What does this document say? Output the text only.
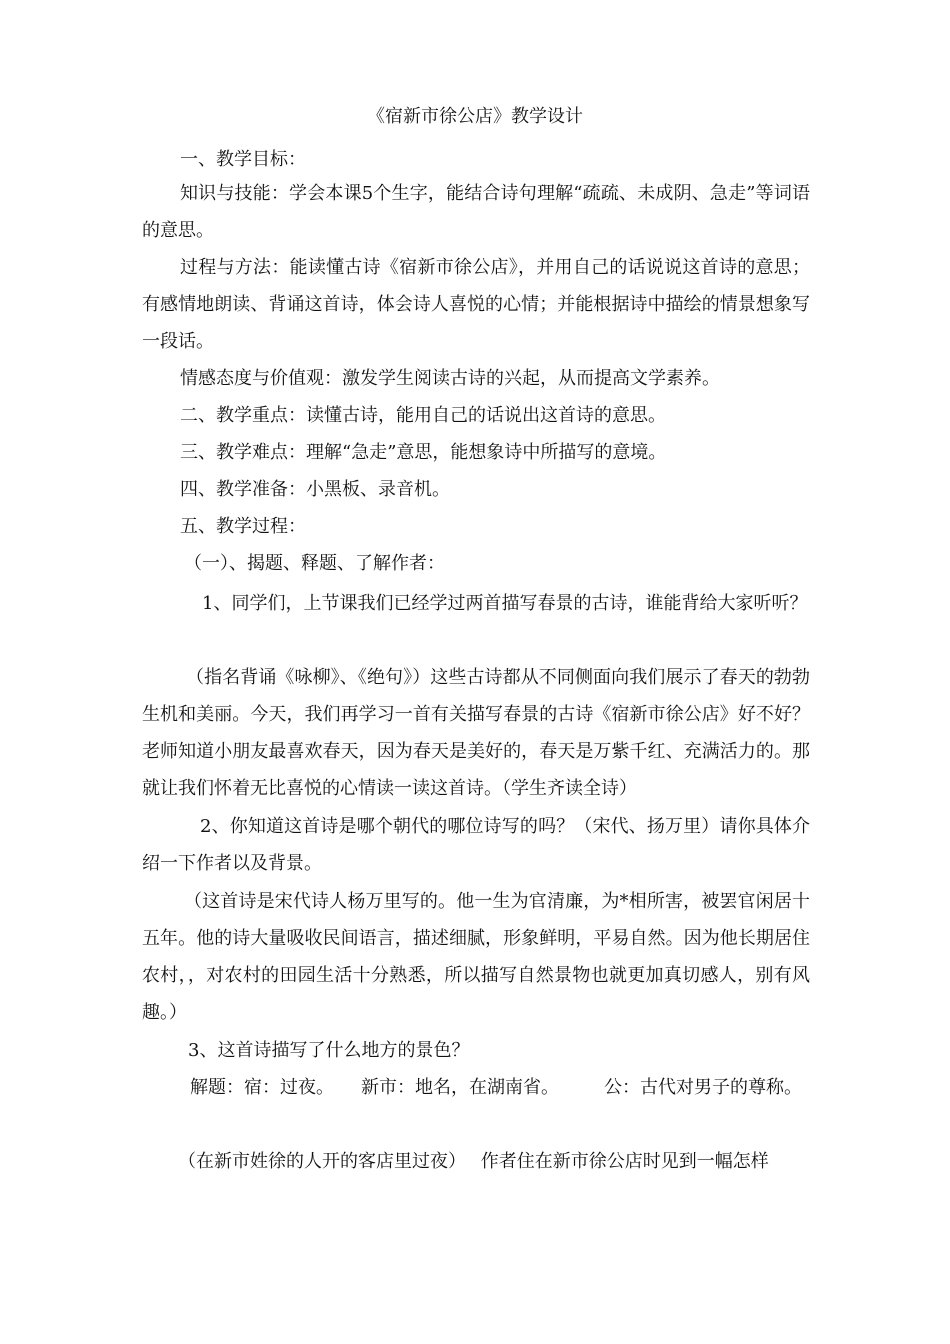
《宿新市徐公店》教学设计

一、教学目标：

知识与技能：学会本课5个生字，能结合诗句理解“疏疏、未成阴、急走”等词语的意思。

过程与方法：能读懂古诗《宿新市徐公店》，并用自己的话说说这首诗的意思；有感情地朗读、背诵这首诗，体会诗人喜悦的心情；并能根据诗中描绘的情景想象写一段话。

情感态度与价值观：激发学生阅读古诗的兴起，从而提高文学素养。

二、教学重点：读懂古诗，能用自己的话说出这首诗的意思。

三、教学难点：理解“急走”意思，能想象诗中所描写的意境。

四、教学准备：小黑板、录音机。

五、教学过程：

（一）、揭题、释题、了解作者：

1、同学们，上节课我们已经学过两首描写春景的古诗，谁能背给大家听听？

（指名背诵《咏柳》、《绝句》）这些古诗都从不同侧面向我们展示了春天的勃勃生机和美丽。今天，我们再学习一首有关描写春景的古诗《宿新市徐公店》好不好？老师知道小朋友最喜欢春天，因为春天是美好的，春天是万紫千红、充满活力的。那就让我们怀着无比喜悦的心情读一读这首诗。（学生齐读全诗）

2、你知道这首诗是哪个朝代的哪位诗写的吗？（宋代、扬万里）请你具体介绍一下作者以及背景。

（这首诗是宋代诗人杨万里写的。他一生为官清廉，为*相所害，被罢官闲居十五年。他的诗大量吸收民间语言，描述细腻，形象鲜明，平易自然。因为他长期居住农村，，对农村的田园生活十分熟悉，所以描写自然景物也就更加真切感人，别有风趣。）

3、这首诗描写了什么地方的景色？

解题：宿：过夜。　　新市：地名，在湖南省。　　　公：古代对男子的尊称。

（在新市姓徐的人开的客店里过夜）　 作者住在新市徐公店时见到一幅怎样
